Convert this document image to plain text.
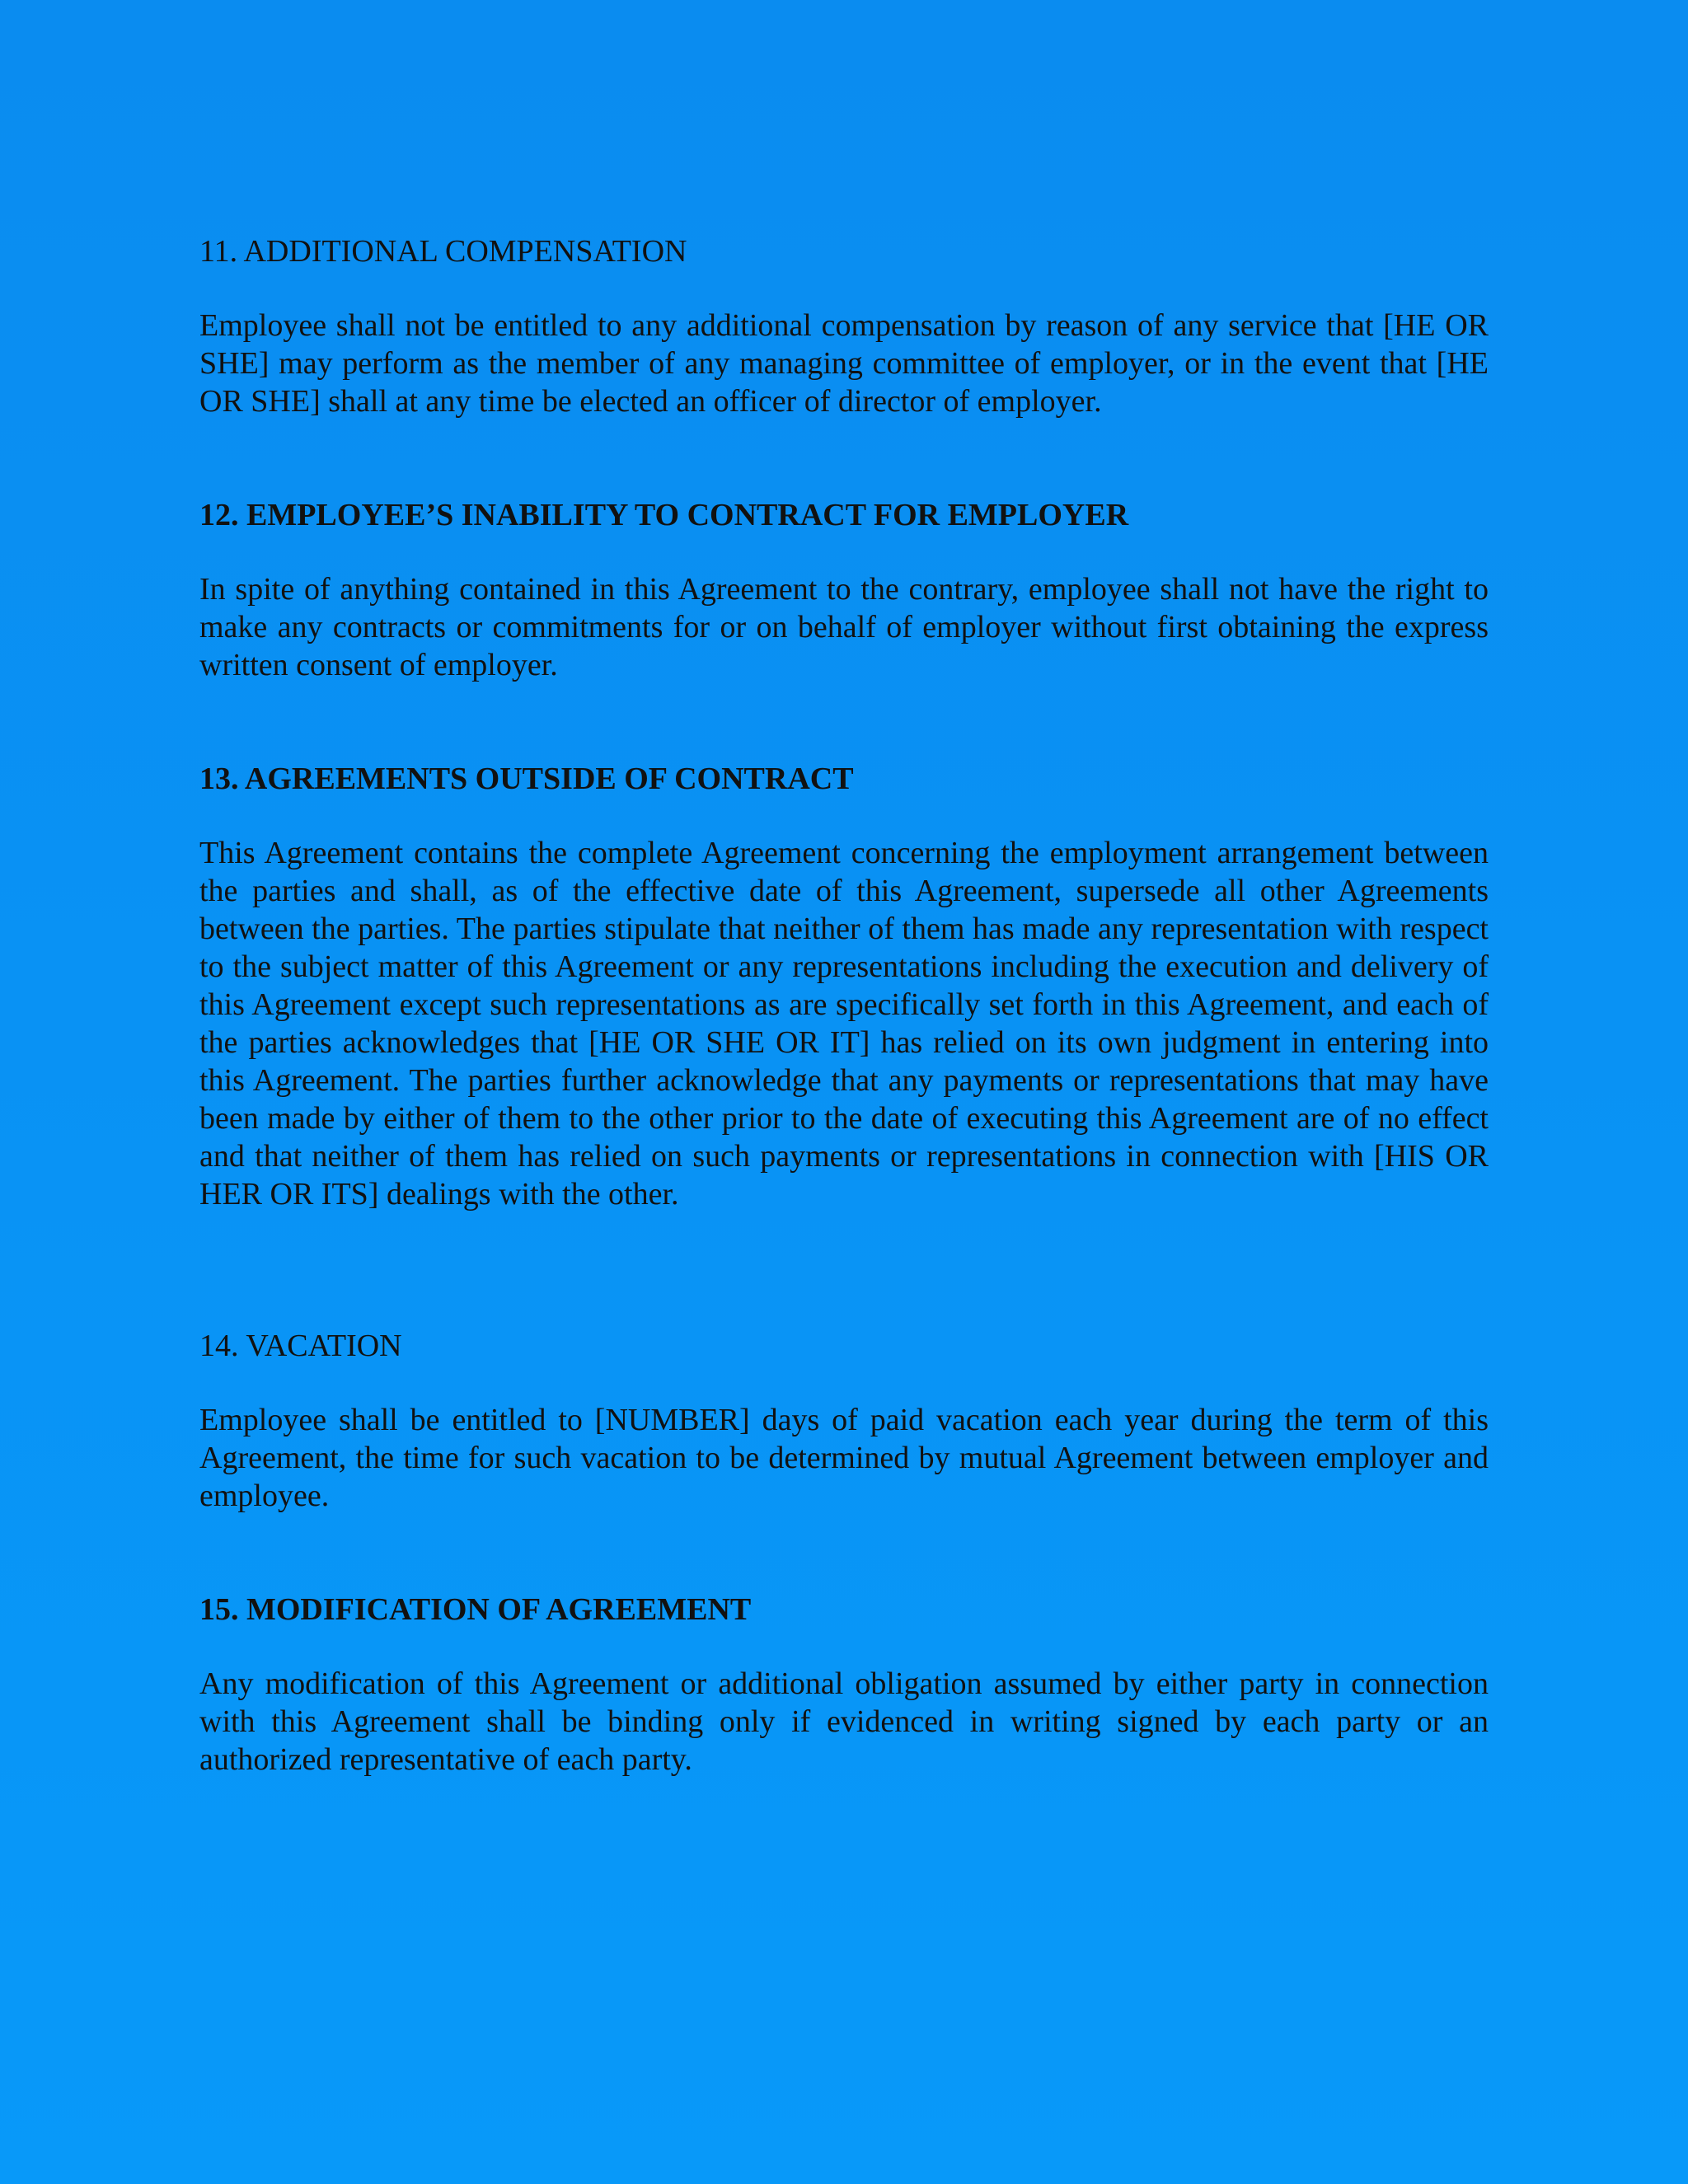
11. ADDITIONAL COMPENSATION

Employee shall not be entitled to any additional compensation by reason of any service that [HE OR SHE] may perform as the member of any managing committee of employer, or in the event that [HE OR SHE] shall at any time be elected an officer of director of employer.

12. EMPLOYEE’S INABILITY TO CONTRACT FOR EMPLOYER

In spite of anything contained in this Agreement to the contrary, employee shall not have the right to make any contracts or commitments for or on behalf of employer without first obtaining the express written consent of employer.

13. AGREEMENTS OUTSIDE OF CONTRACT

This Agreement contains the complete Agreement concerning the employment arrangement between the parties and shall, as of the effective date of this Agreement, supersede all other Agreements between the parties. The parties stipulate that neither of them has made any representation with respect to the subject matter of this Agreement or any representations including the execution and delivery of this Agreement except such representations as are specifically set forth in this Agreement, and each of the parties acknowledges that [HE OR SHE OR IT] has relied on its own judgment in entering into this Agreement. The parties further acknowledge that any payments or representations that may have been made by either of them to the other prior to the date of executing this Agreement are of no effect and that neither of them has relied on such payments or representations in connection with [HIS OR HER OR ITS] dealings with the other.

14. VACATION

Employee shall be entitled to [NUMBER] days of paid vacation each year during the term of this Agreement, the time for such vacation to be determined by mutual Agreement between employer and employee.

15. MODIFICATION OF AGREEMENT

Any modification of this Agreement or additional obligation assumed by either party in connection with this Agreement shall be binding only if evidenced in writing signed by each party or an authorized representative of each party.
